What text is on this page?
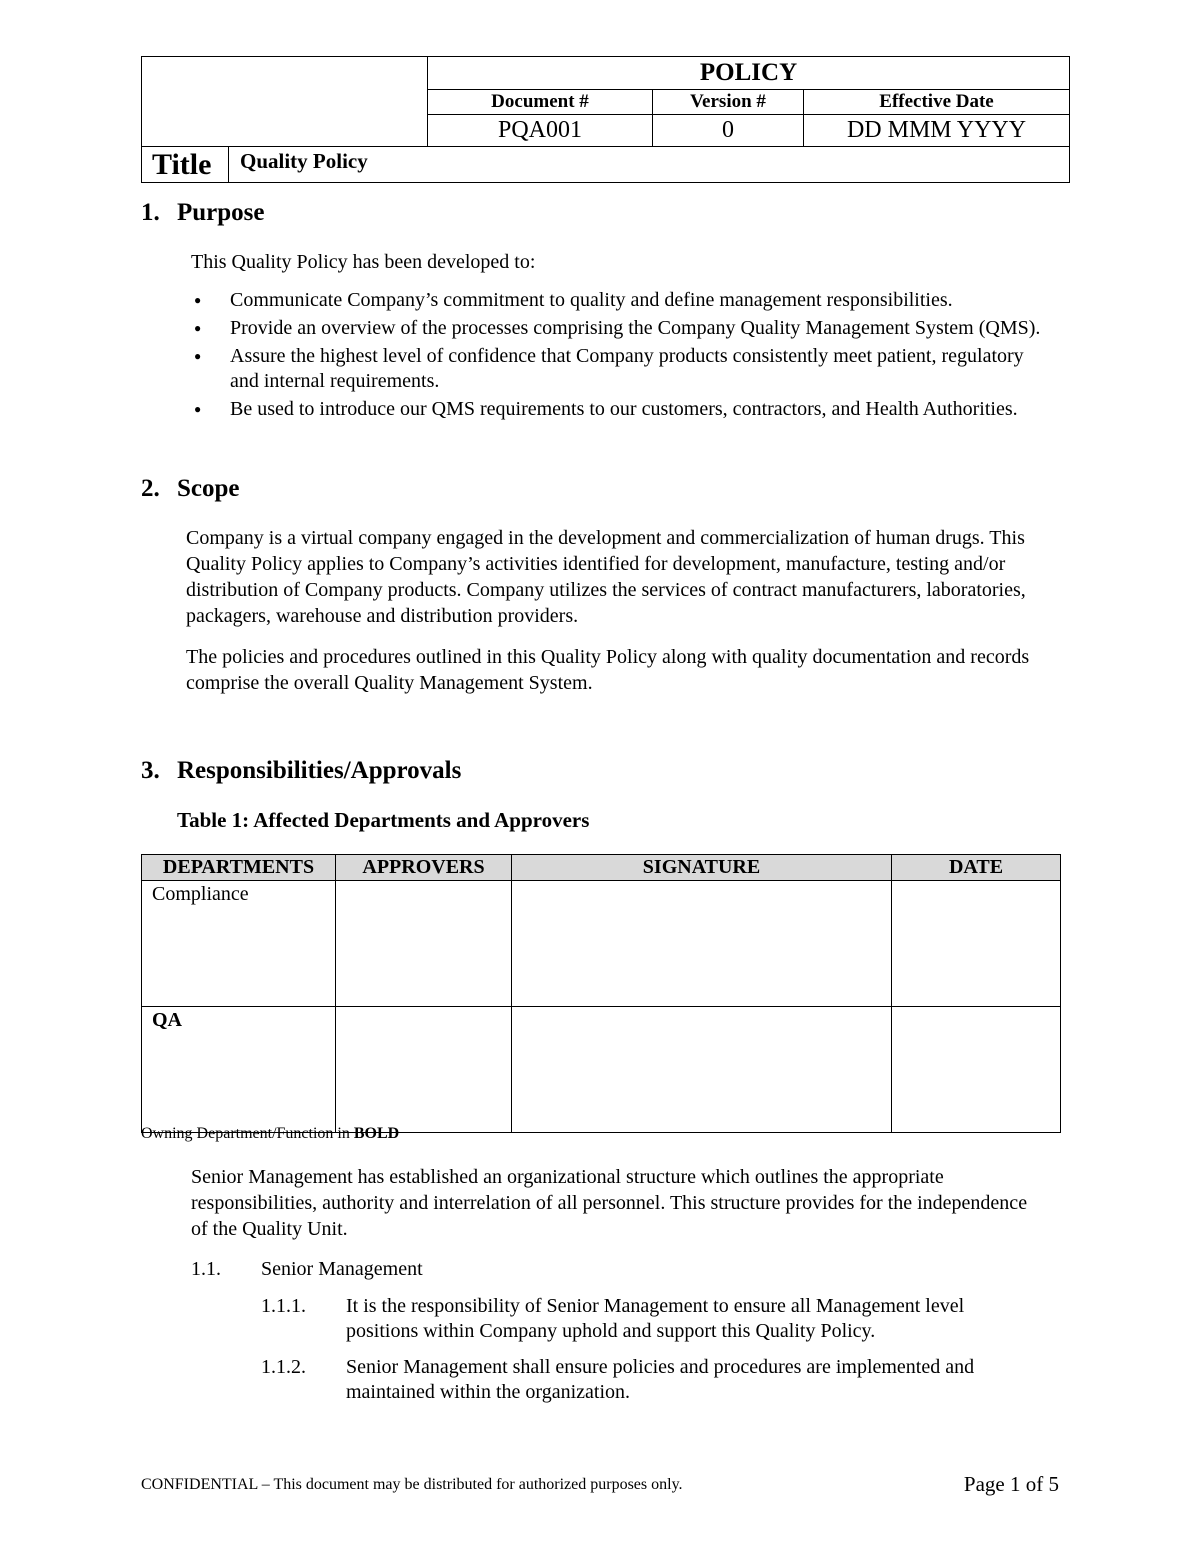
		POLICY		
		Document #	Version #	Effective Date
		PQA001	0	DD MMM YYYY
Title	Quality Policy			
1. Purpose

This Quality Policy has been developed to:

● Communicate Company’s commitment to quality and define management responsibilities.
● Provide an overview of the processes comprising the Company Quality Management System (QMS).
● Assure the highest level of confidence that Company products consistently meet patient, regulatory and internal requirements.
● Be used to introduce our QMS requirements to our customers, contractors, and Health Authorities.
2. Scope

Company is a virtual company engaged in the development and commercialization of human drugs. This Quality Policy applies to Company’s activities identified for development, manufacture, testing and/or distribution of Company products. Company utilizes the services of contract manufacturers, laboratories, packagers, warehouse and distribution providers.

The policies and procedures outlined in this Quality Policy along with quality documentation and records comprise the overall Quality Management System.

3. Responsibilities/Approvals
Table 1: Affected Departments and Approvers
DEPARTMENTS	APPROVERS	SIGNATURE	DATE
Compliance			
QA			
Owning Department/Function in BOLD

Senior Management has established an organizational structure which outlines the appropriate responsibilities, authority and interrelation of all personnel. This structure provides for the independence of the Quality Unit.

1.1. Senior Management
1.1.1. It is the responsibility of Senior Management to ensure all Management level positions within Company uphold and support this Quality Policy.
1.1.2. Senior Management shall ensure policies and procedures are implemented and maintained within the organization.
CONFIDENTIAL – This document may be distributed for authorized purposes only.	Page 1 of 5
